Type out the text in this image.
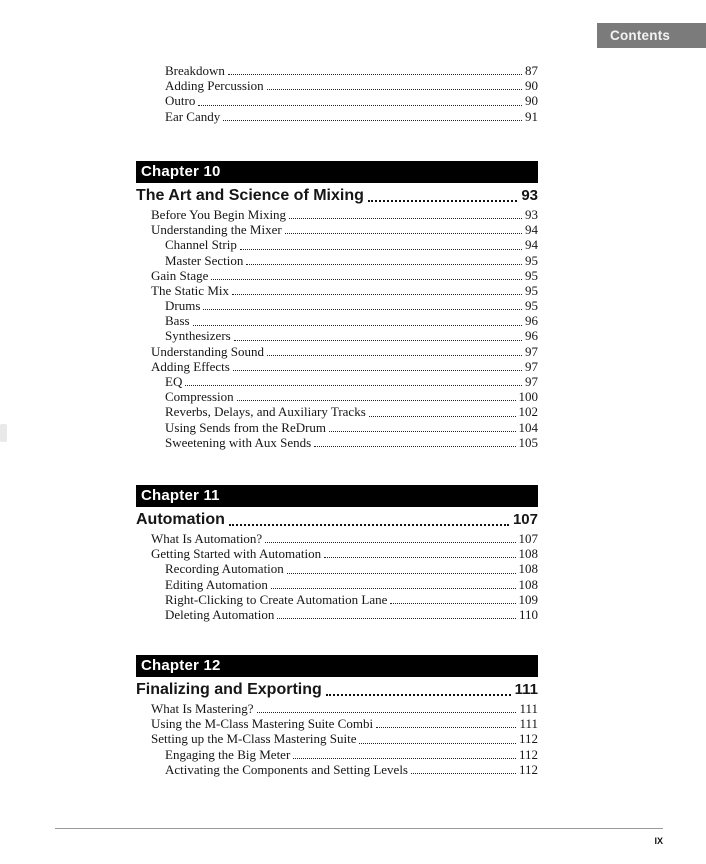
Contents
Breakdown	87
Adding Percussion	90
Outro	90
Ear Candy	91
Chapter 10
The Art and Science of Mixing	93
Before You Begin Mixing	93
Understanding the Mixer	94
Channel Strip	94
Master Section	95
Gain Stage	95
The Static Mix	95
Drums	95
Bass	96
Synthesizers	96
Understanding Sound	97
Adding Effects	97
EQ	97
Compression	100
Reverbs, Delays, and Auxiliary Tracks	102
Using Sends from the ReDrum	104
Sweetening with Aux Sends	105
Chapter 11
Automation	107
What Is Automation?	107
Getting Started with Automation	108
Recording Automation	108
Editing Automation	108
Right-Clicking to Create Automation Lane	109
Deleting Automation	110
Chapter 12
Finalizing and Exporting	111
What Is Mastering?	111
Using the M-Class Mastering Suite Combi	111
Setting up the M-Class Mastering Suite	112
Engaging the Big Meter	112
Activating the Components and Setting Levels	112
ix
